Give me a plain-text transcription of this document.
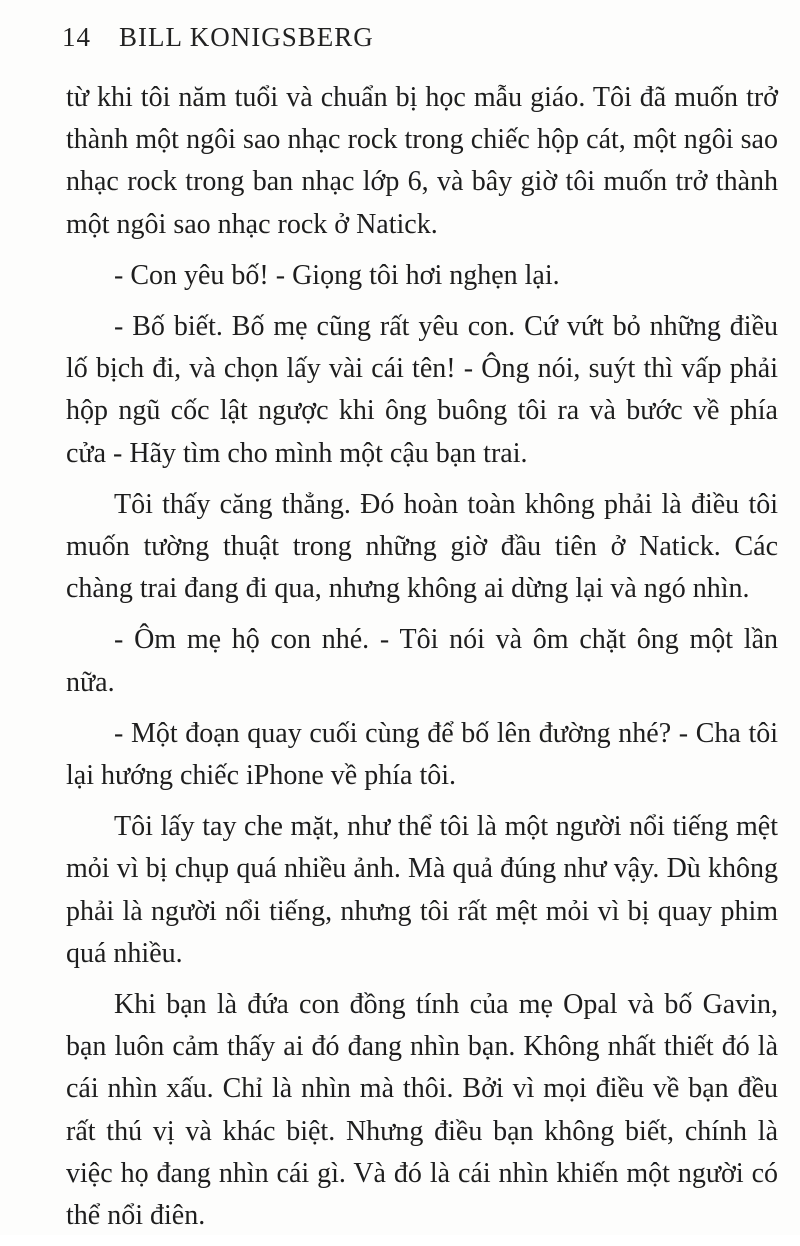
14 BILL KONIGSBERG

từ khi tôi năm tuổi và chuẩn bị học mẫu giáo. Tôi đã muốn trở thành một ngôi sao nhạc rock trong chiếc hộp cát, một ngôi sao nhạc rock trong ban nhạc lớp 6, và bây giờ tôi muốn trở thành một ngôi sao nhạc rock ở Natick.

- Con yêu bố! - Giọng tôi hơi nghẹn lại.

- Bố biết. Bố mẹ cũng rất yêu con. Cứ vứt bỏ những điều lố bịch đi, và chọn lấy vài cái tên! - Ông nói, suýt thì vấp phải hộp ngũ cốc lật ngược khi ông buông tôi ra và bước về phía cửa - Hãy tìm cho mình một cậu bạn trai.

Tôi thấy căng thẳng. Đó hoàn toàn không phải là điều tôi muốn tường thuật trong những giờ đầu tiên ở Natick. Các chàng trai đang đi qua, nhưng không ai dừng lại và ngó nhìn.

- Ôm mẹ hộ con nhé. - Tôi nói và ôm chặt ông một lần nữa.

- Một đoạn quay cuối cùng để bố lên đường nhé? - Cha tôi lại hướng chiếc iPhone về phía tôi.

Tôi lấy tay che mặt, như thể tôi là một người nổi tiếng mệt mỏi vì bị chụp quá nhiều ảnh. Mà quả đúng như vậy. Dù không phải là người nổi tiếng, nhưng tôi rất mệt mỏi vì bị quay phim quá nhiều.

Khi bạn là đứa con đồng tính của mẹ Opal và bố Gavin, bạn luôn cảm thấy ai đó đang nhìn bạn. Không nhất thiết đó là cái nhìn xấu. Chỉ là nhìn mà thôi. Bởi vì mọi điều về bạn đều rất thú vị và khác biệt. Nhưng điều bạn không biết, chính là việc họ đang nhìn cái gì. Và đó là cái nhìn khiến một người có thể nổi điên.
